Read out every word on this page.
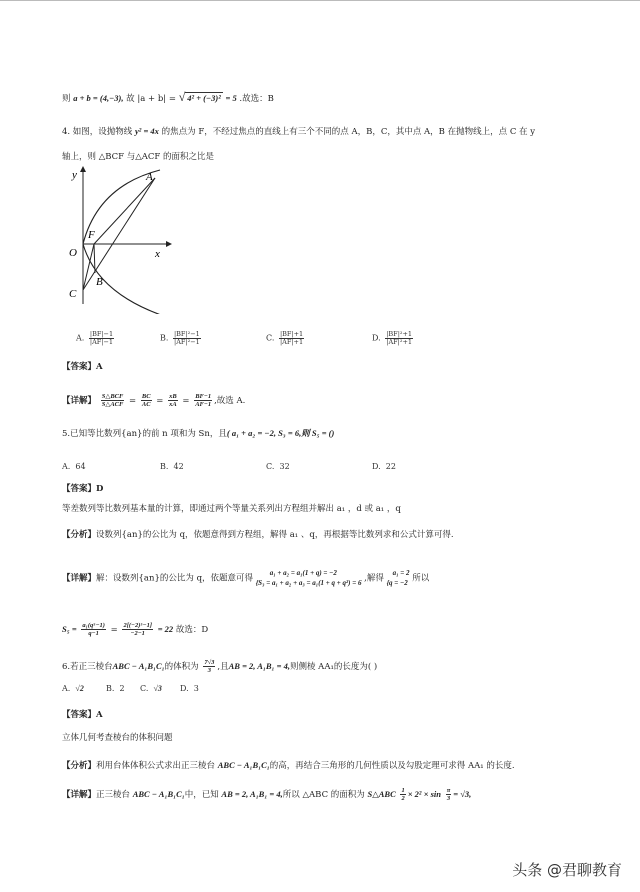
则 a + b = (4,−3), 故 |a + b| = √ 4² + (−3)² = 5 .故选：B
4. 如图，设抛物线 y² = 4x 的焦点为 F，不经过焦点的直线上有三个不同的点 A，B，C，其中点 A，B 在抛物线上，点 C 在 y
轴上，则 △BCF 与△ACF 的面积之比是
y
x
A
F
O
B
C
A. $\frac{|BF|-1}{|AF|-1}$	B. $\frac{\text{|BF|²−1}}{\text{|AF|²−1}}$	C. $\frac{|BF|+1}{|AF|+1}$	D. $\frac{\text{|BF|²+1}}{\text{|AF|²+1}}$
【答案】A
【详解】 $\frac{\text{S△BCF}}{\text{S△ACF}} = \frac{BC}{AC} = \frac{xB}{xA} = \frac{BF-1}{AF-1}$ ,故选 A.
5.已知等比数列{an}的前 n 项和为 Sn，且( a₁ + a₂ = −2, S₃ = 6,则 S₅ = ()
A. 64	B. 42	C. 32	D. 22
【答案】D
等差数列等比数列基本量的计算，即通过两个等量关系列出方程组并解出 a₁ ，d 或 a₁ ，q
【分析】设数列{an}的公比为 q，依题意得到方程组，解得 a₁ 、q，再根据等比数列求和公式计算可得.
【详解】解：设数列{an}的公比为 q，依题意可得
a₁ + a₂ = a₁(1 + q) = −2
{S₃ = a₁ + a₂ + a₃ = a₁(1 + q + q²) = 6 ,解得
a₁ = 2
{q = −2 所以
$S_5 = \frac{\text{a₁(q⁵−1)}}{q-1} = \frac{\text{2[(−2)⁵−1]}}{-2-1} = 22$ 故选：D
6.若正三棱台ABC − A₁B₁C₁的体积为 $\frac{7√3}{3}$ ,且AB = 2, A₁B₁ = 4,则侧棱 AA₁的长度为( )
A. √2	B. 2 C. √3 D. 3
【答案】A
立体几何考查棱台的体积问题
【分析】利用台体体积公式求出正三棱台 ABC − A₁B₁C₁的高，再结合三角形的几何性质以及勾股定理可求得 AA₁ 的长度.
【详解】正三棱台 ABC − A₁B₁C₁中，已知 AB = 2, A₁B₁ = 4,所以 △ABC 的面积为 S△ABC $\frac{1}{2} \times 2^2 \times \sin \frac{\pi}{3} = √3$,
头条 @君聊教育
